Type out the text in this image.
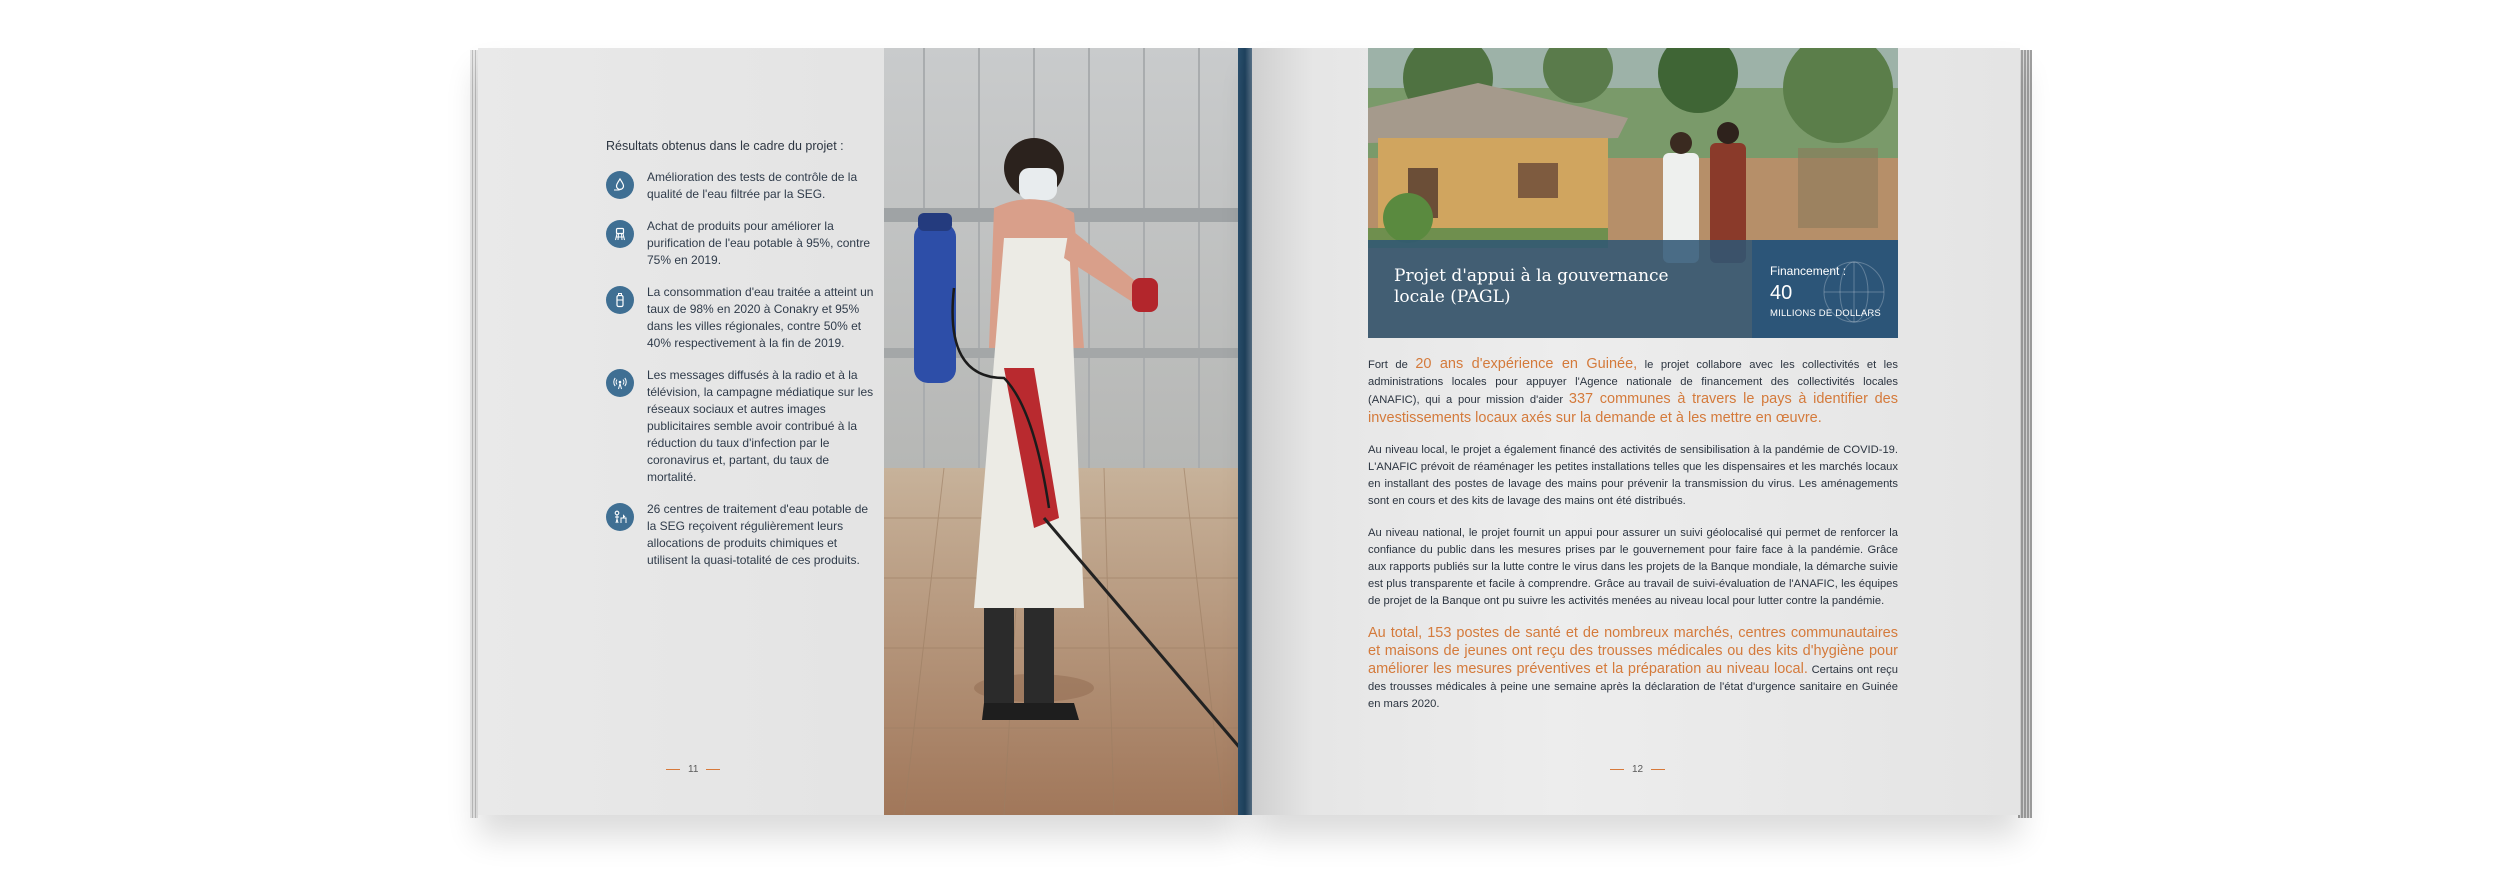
Résultats obtenus dans le cadre du projet :
Amélioration des tests de contrôle de la qualité de l'eau filtrée par la SEG.
Achat de produits pour améliorer la purification de l'eau potable à 95%, contre 75% en 2019.
La consommation d'eau traitée a atteint un taux de 98% en 2020 à Conakry et 95% dans les villes régionales, contre 50% et 40% respectivement à la fin de 2019.
Les messages diffusés à la radio et à la télévision, la campagne médiatique sur les réseaux sociaux et autres images publicitaires semble avoir contribué à la réduction du taux d'infection par le coronavirus et, partant, du taux de mortalité.
26 centres de traitement d'eau potable de la SEG reçoivent régulièrement leurs allocations de produits chimiques et utilisent la quasi-totalité de ces produits.
11
Projet d'appui à la gouvernance locale (PAGL)
Financement :
40
MILLIONS DE DOLLARS

Fort de 20 ans d'expérience en Guinée, le projet collabore avec les collectivités et les administrations locales pour appuyer l'Agence nationale de financement des collectivités locales (ANAFIC), qui a pour mission d'aider 337 communes à travers le pays à identifier des investissements locaux axés sur la demande et à les mettre en œuvre.

Au niveau local, le projet a également financé des activités de sensibilisation à la pandémie de COVID-19. L'ANAFIC prévoit de réaménager les petites installations telles que les dispensaires et les marchés locaux en installant des postes de lavage des mains pour prévenir la transmission du virus. Les aménagements sont en cours et des kits de lavage des mains ont été distribués.

Au niveau national, le projet fournit un appui pour assurer un suivi géolocalisé qui permet de renforcer la confiance du public dans les mesures prises par le gouvernement pour faire face à la pandémie. Grâce aux rapports publiés sur la lutte contre le virus dans les projets de la Banque mondiale, la démarche suivie est plus transparente et facile à comprendre. Grâce au travail de suivi-évaluation de l'ANAFIC, les équipes de projet de la Banque ont pu suivre les activités menées au niveau local pour lutter contre la pandémie.

Au total, 153 postes de santé et de nombreux marchés, centres communautaires et maisons de jeunes ont reçu des trousses médicales ou des kits d'hygiène pour améliorer les mesures préventives et la préparation au niveau local. Certains ont reçu des trousses médicales à peine une semaine après la déclaration de l'état d'urgence sanitaire en Guinée en mars 2020.

12
